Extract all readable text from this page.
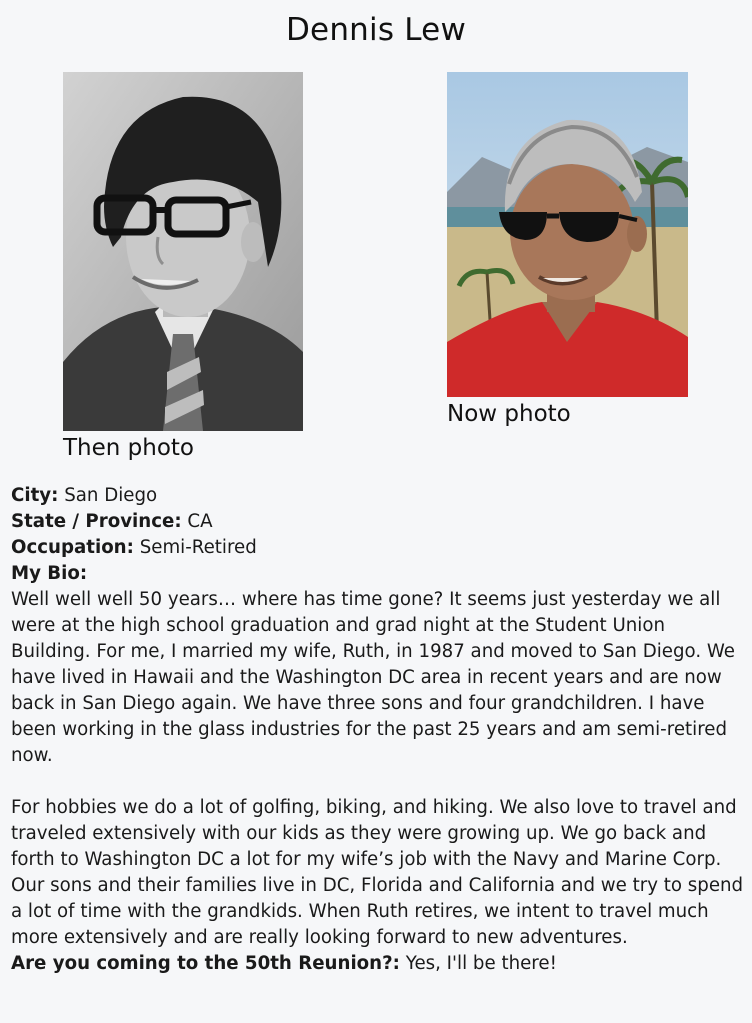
Dennis Lew
Then photo
Now photo
City: San Diego
State / Province: CA
Occupation: Semi-Retired
My Bio:

Well well well 50 years… where has time gone? It seems just yesterday we all were at the high school graduation and grad night at the Student Union Building. For me, I married my wife, Ruth, in 1987 and moved to San Diego. We have lived in Hawaii and the Washington DC area in recent years and are now back in San Diego again. We have three sons and four grandchildren. I have been working in the glass industries for the past 25 years and am semi-retired now.

For hobbies we do a lot of golfing, biking, and hiking. We also love to travel and traveled extensively with our kids as they were growing up. We go back and forth to Washington DC a lot for my wife’s job with the Navy and Marine Corp. Our sons and their families live in DC, Florida and California and we try to spend a lot of time with the grandkids. When Ruth retires, we intent to travel much more extensively and are really looking forward to new adventures.

Are you coming to the 50th Reunion?: Yes, I'll be there!
